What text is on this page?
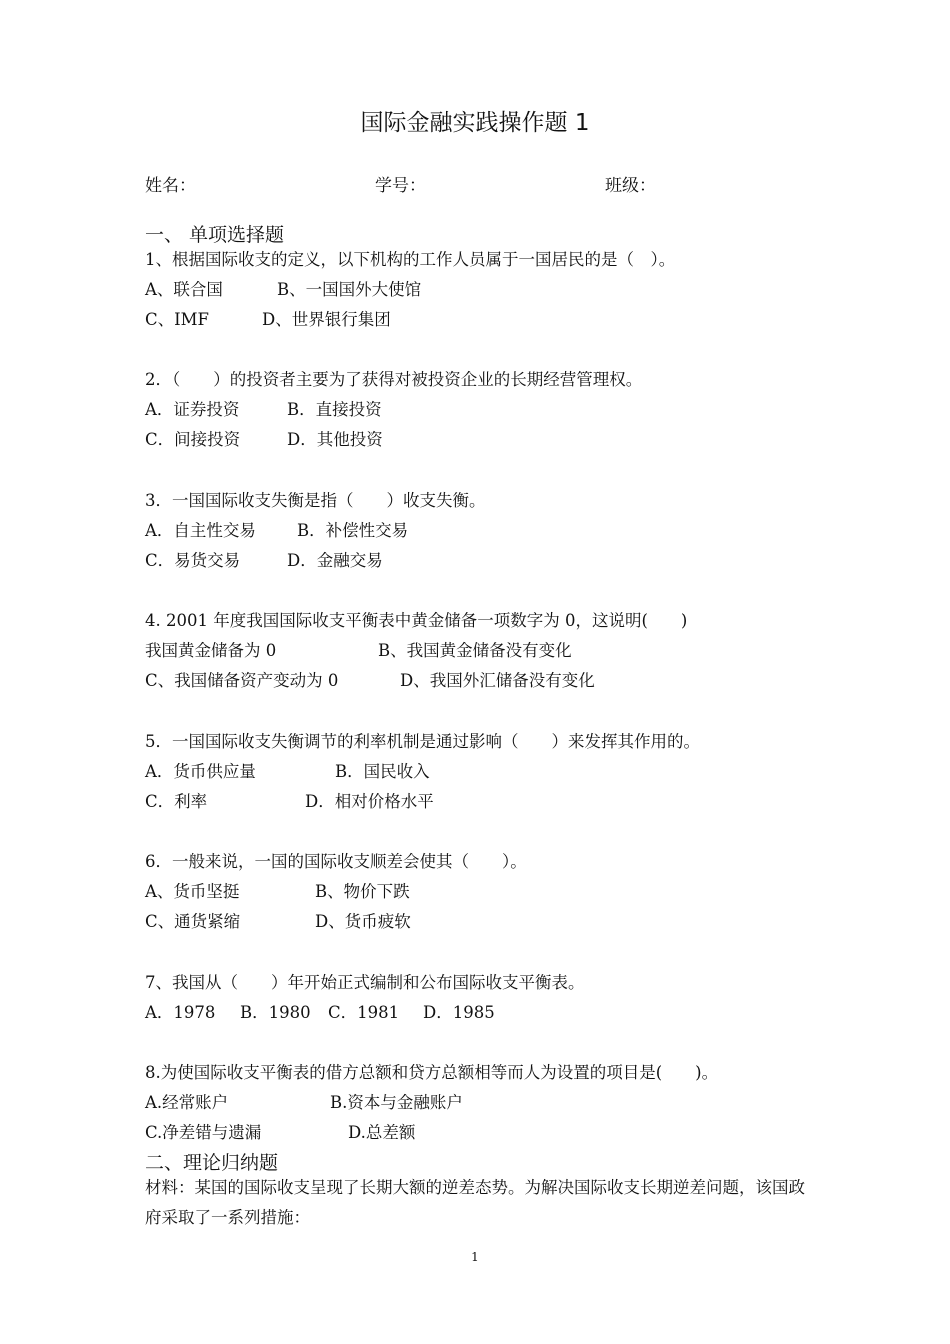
国际金融实践操作题 1
姓名：	学号：	班级：
一、 单项选择题
1、根据国际收支的定义，以下机构的工作人员属于一国居民的是（　）。
A、联合国	B、一国国外大使馆
C、IMF	D、世界银行集团
2．（　　）的投资者主要为了获得对被投资企业的长期经营管理权。
A．证券投资	B．直接投资
C．间接投资	D．其他投资
3．一国国际收支失衡是指（　　）收支失衡。
A．自主性交易 B．补偿性交易
C．易货交易	D．金融交易
4. 2001 年度我国国际收支平衡表中黄金储备一项数字为 0，这说明(　　)
我国黄金储备为 0	B、我国黄金储备没有变化
C、我国储备资产变动为 0	D、我国外汇储备没有变化
5．一国国际收支失衡调节的利率机制是通过影响（　　）来发挥其作用的。
A．货币供应量	B．国民收入
C．利率	D．相对价格水平
6．一般来说，一国的国际收支顺差会使其（　　）。
A、货币坚挺	B、物价下跌
C、通货紧缩	D、货币疲软
7、我国从（　　）年开始正式编制和公布国际收支平衡表。
A．1978 B．1980 C．1981 D．1985
8.为使国际收支平衡表的借方总额和贷方总额相等而人为设置的项目是(　　)。
A.经常账户	B.资本与金融账户
C.净差错与遗漏	D.总差额
二、理论归纳题
材料：某国的国际收支呈现了长期大额的逆差态势。为解决国际收支长期逆差问题，该国政府采取了一系列措施：
1
